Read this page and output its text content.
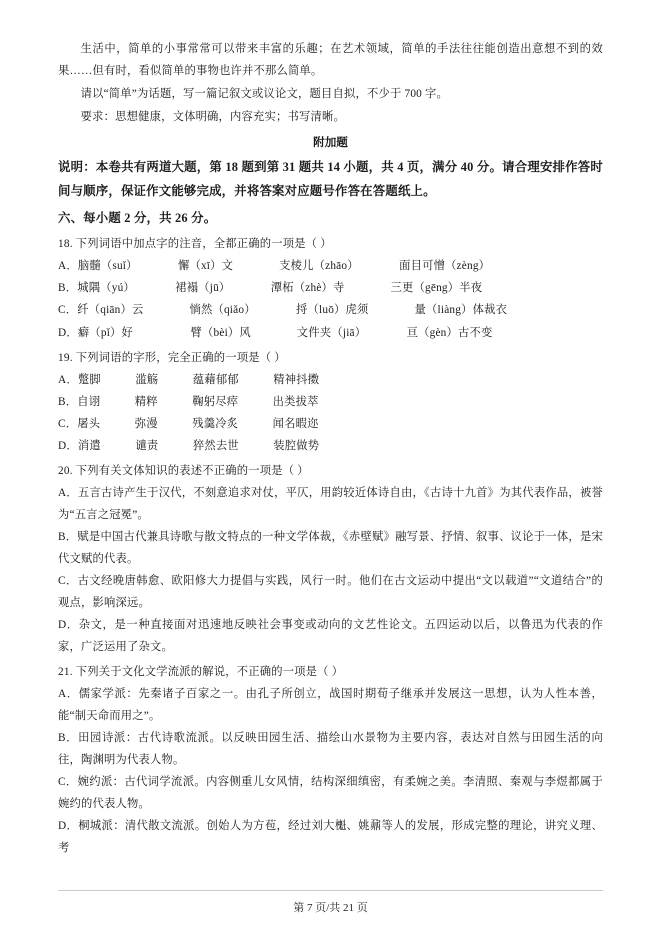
生活中，简单的小事常常可以带来丰富的乐趣；在艺术领域，简单的手法往往能创造出意想不到的效果……但有时，看似简单的事物也许并不那么简单。

请以“简单”为话题，写一篇记叙文或议论文，题目自拟，不少于 700 字。

要求：思想健康，文体明确，内容充实；书写清晰。

附加题

说明：本卷共有两道大题，第 18 题到第 31 题共 14 小题，共 4 页，满分 40 分。请合理安排作答时间与顺序，保证作文能够完成，并将答案对应题号作答在答题纸上。

六、每小题 2 分，共 26 分。

18. 下列词语中加点字的注音，全都正确的一项是（ ）

A．脑髓（suǐ）　　　　懈（xī）文　　　　支棱儿（zhāo）　　　　面目可憎（zèng）

B．城隅（yú）　　　　裙褟（jū）　　　　潭柘（zhè）寺　　　　三更（gēng）半夜

C．纤（qiān）云　　　　惝然（qiǎo）　　　　捋（luō）虎须　　　　量（liàng）体裁衣

D．癖（pǐ）好　　　　　臂（bèi）风　　　　文件夹（jiā）　　　　亘（gèn）古不变

19. 下列词语的字形，完全正确的一项是（ ）

A．蹩脚　　　滥觞　　　蕴藉郁郁　　　精神抖擞

B．自诩　　　精粹　　　鞠躬尽瘁　　　出类拔萃

C．屠头　　　弥漫　　　残羹冷炙　　　闻名暇迩

D．消遣　　　谴责　　　猝然去世　　　装腔做势

20. 下列有关文体知识的表述不正确的一项是（ ）

A．五言古诗产生于汉代，不刻意追求对仗，平仄，用韵较近体诗自由，《古诗十九首》为其代表作品，被誉为“五言之冠冕”。

B．赋是中国古代兼具诗歌与散文特点的一种文学体裁，《赤壁赋》融写景、抒情、叙事、议论于一体，是宋代文赋的代表。

C．古文经晚唐韩愈、欧阳修大力提倡与实践，风行一时。他们在古文运动中提出“文以载道”“文道结合”的观点，影响深远。

D．杂文，是一种直接面对迅速地反映社会事变或动向的文艺性论文。五四运动以后，以鲁迅为代表的作家，广泛运用了杂文。

21. 下列关于文化文学流派的解说，不正确的一项是（ ）

A．儒家学派：先秦诸子百家之一。由孔子所创立，战国时期荀子继承并发展这一思想，认为人性本善，能“制天命而用之”。

B．田园诗派：古代诗歌流派。以反映田园生活、描绘山水景物为主要内容，表达对自然与田园生活的向往，陶渊明为代表人物。

C．婉约派：古代词学流派。内容侧重儿女风情，结构深细缜密，有柔婉之美。李清照、秦观与李煜都属于婉约的代表人物。

D．桐城派：清代散文流派。创始人为方苞，经过刘大櫆、姚鼐等人的发展，形成完整的理论，讲究义理、考

第 7 页/共 21 页
